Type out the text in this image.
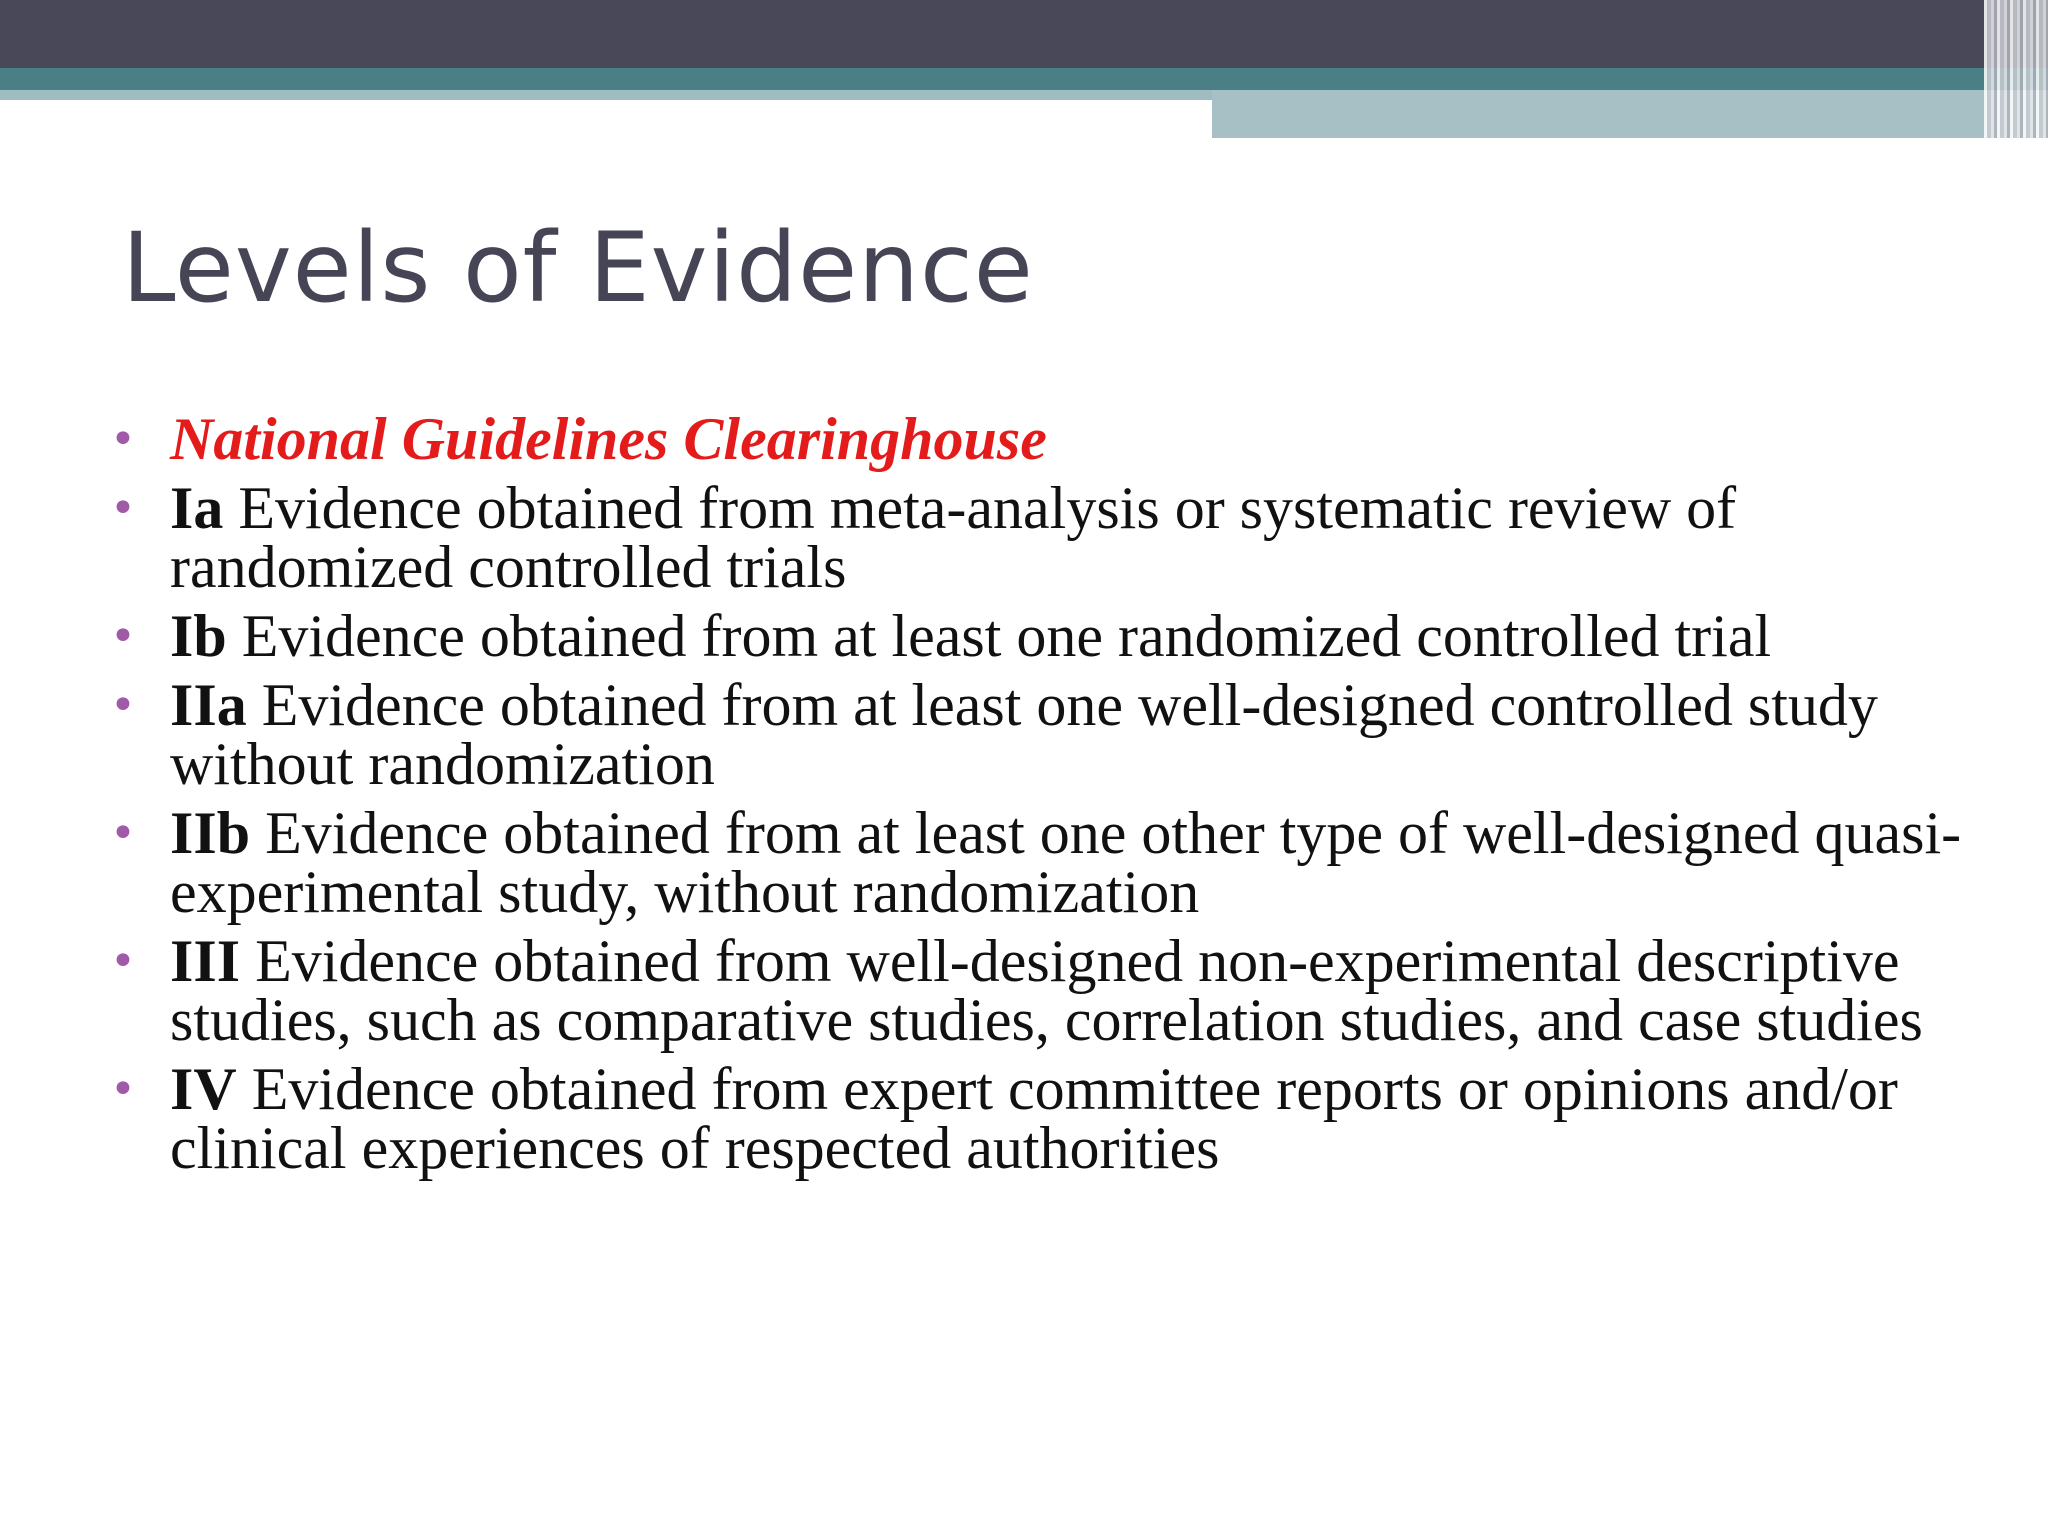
Levels of Evidence
• National Guidelines Clearinghouse
• Ia Evidence obtained from meta-analysis or systematic review of randomized controlled trials
• Ib Evidence obtained from at least one randomized controlled trial
• IIa Evidence obtained from at least one well-designed controlled study without randomization
• IIb Evidence obtained from at least one other type of well-designed quasi-experimental study, without randomization
• III Evidence obtained from well-designed non-experimental descriptive studies, such as comparative studies, correlation studies, and case studies
• IV Evidence obtained from expert committee reports or opinions and/or clinical experiences of respected authorities
